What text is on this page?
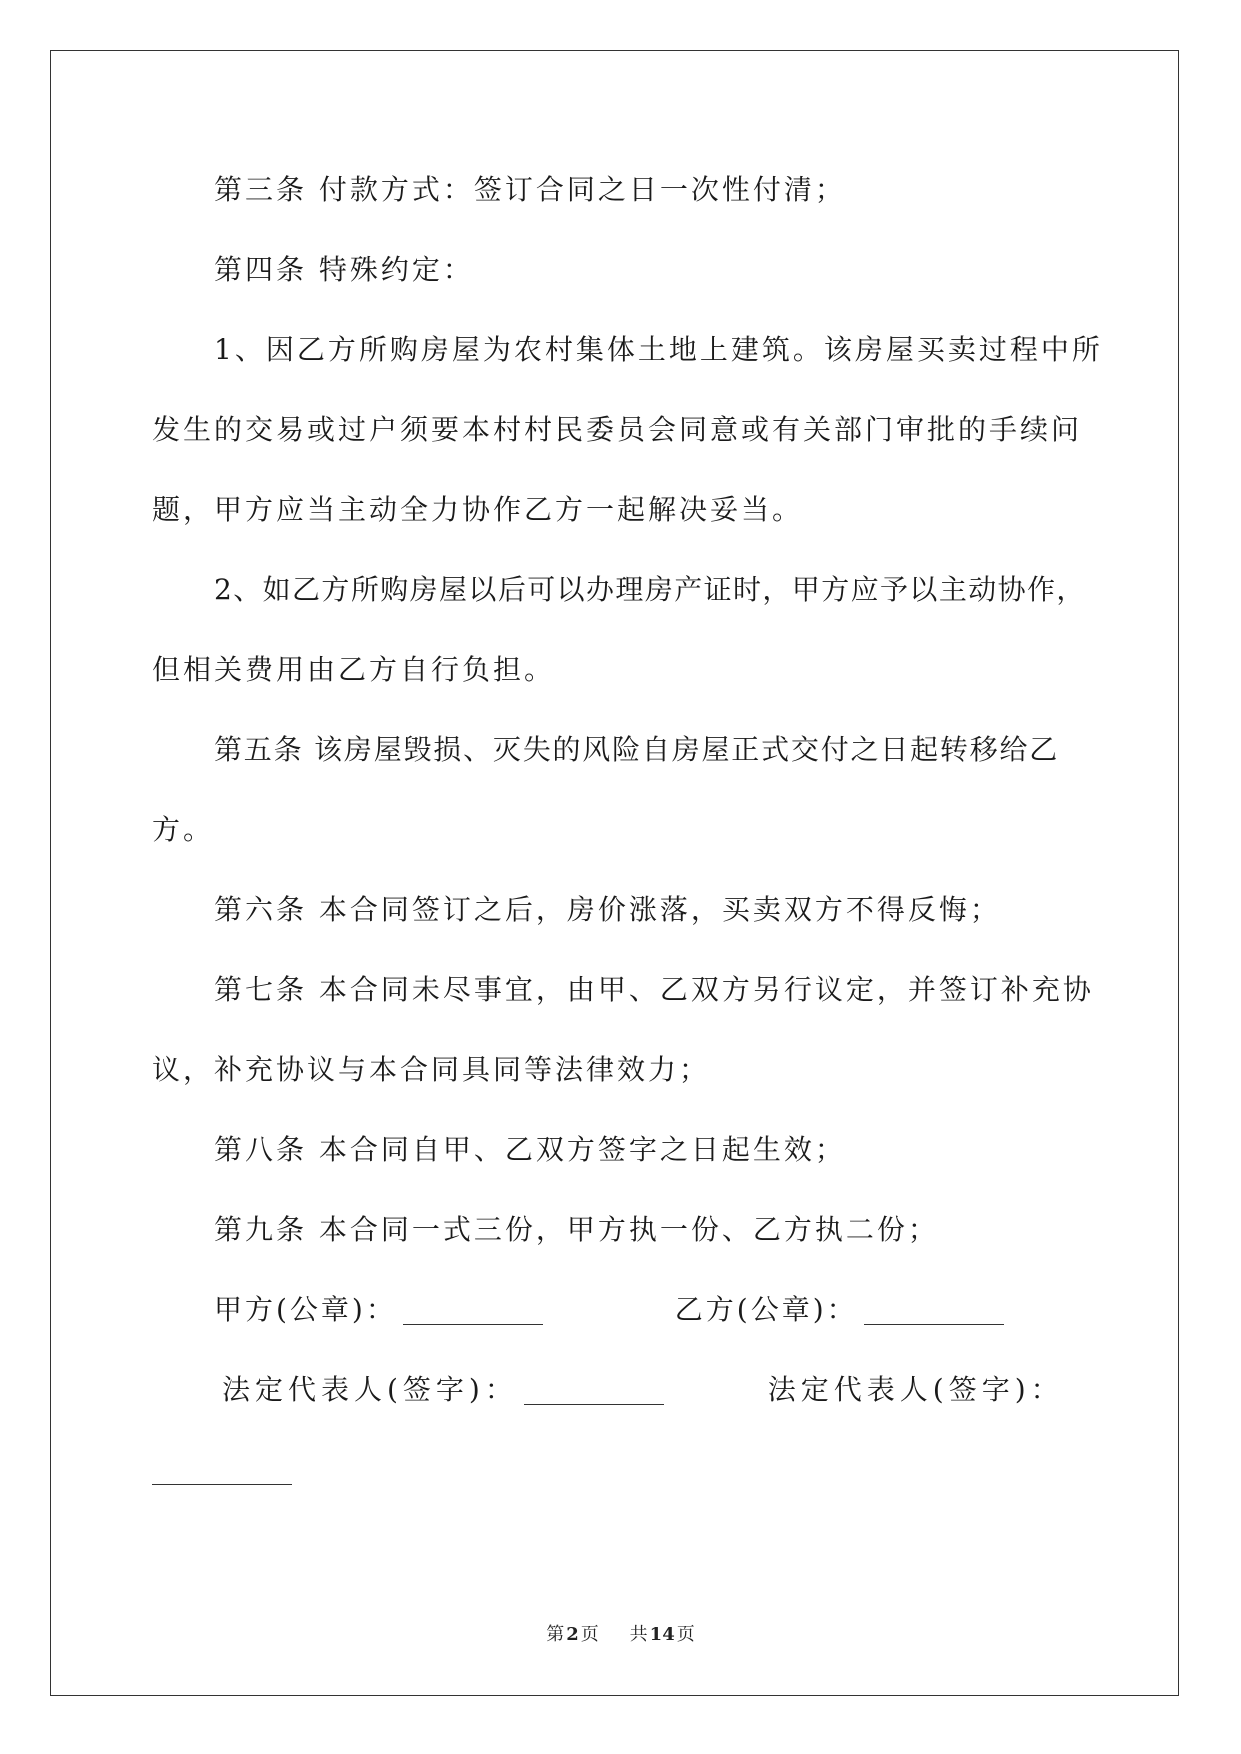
第三条 付款方式：签订合同之日一次性付清；
第四条 特殊约定：
1、因乙方所购房屋为农村集体土地上建筑。该房屋买卖过程中所
发生的交易或过户须要本村村民委员会同意或有关部门审批的手续问
题，甲方应当主动全力协作乙方一起解决妥当。
2、如乙方所购房屋以后可以办理房产证时，甲方应予以主动协作，
但相关费用由乙方自行负担。
第五条 该房屋毁损、灭失的风险自房屋正式交付之日起转移给乙
方。
第六条 本合同签订之后，房价涨落，买卖双方不得反悔；
第七条 本合同未尽事宜，由甲、乙双方另行议定，并签订补充协
议，补充协议与本合同具同等法律效力；
第八条 本合同自甲、乙双方签字之日起生效；
第九条 本合同一式三份，甲方执一份、乙方执二份；
甲方(公章)：	乙方(公章)：
法定代表人(签字)：	法定代表人(签字)：
第 2 页 共 14 页
